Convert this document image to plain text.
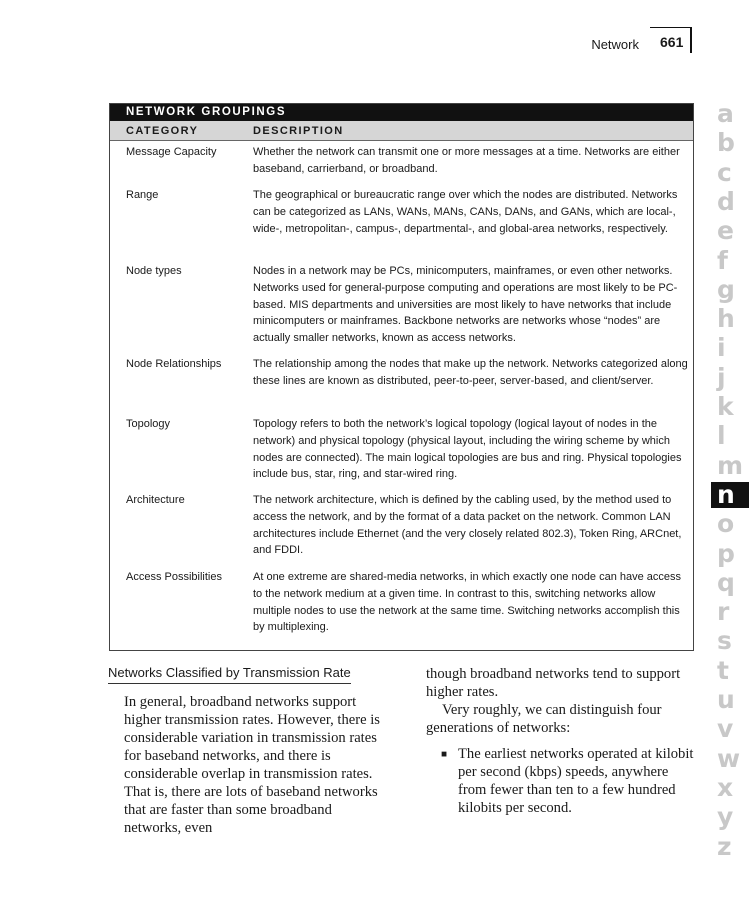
Network 661
NETWORK GROUPINGS
CATEGORY	DESCRIPTION
Message Capacity	Whether the network can transmit one or more messages at a time. Networks are either baseband, carrierband, or broadband.
Range	The geographical or bureaucratic range over which the nodes are distributed. Networks can be categorized as LANs, WANs, MANs, CANs, DANs, and GANs, which are local-, wide-, metropolitan-, campus-, departmental-, and global-area networks, respectively.
Node types	Nodes in a network may be PCs, minicomputers, mainframes, or even other networks. Networks used for general-purpose computing and operations are most likely to be PC-based. MIS departments and universities are most likely to have networks that include minicomputers or mainframes. Backbone networks are networks whose “nodes” are actually smaller networks, known as access networks.
Node Relationships	The relationship among the nodes that make up the network. Networks categorized along these lines are known as distributed, peer-to-peer, server-based, and client/server.
Topology	Topology refers to both the network’s logical topology (logical layout of nodes in the network) and physical topology (physical layout, including the wiring scheme by which nodes are connected). The main logical topologies are bus and ring. Physical topologies include bus, star, ring, and star-wired ring.
Architecture	The network architecture, which is defined by the cabling used, by the method used to access the network, and by the format of a data packet on the network. Common LAN architectures include Ethernet (and the very closely related 802.3), Token Ring, ARCnet, and FDDI.
Access Possibilities	At one extreme are shared-media networks, in which exactly one node can have access to the network medium at a given time. In contrast to this, switching networks allow multiple nodes to use the network at the same time. Switching networks accomplish this by multiplexing.
Networks Classified by Transmission Rate
In general, broadband networks support higher transmission rates. However, there is considerable variation in transmission rates for baseband networks, and there is considerable overlap in transmission rates. That is, there are lots of baseband networks that are faster than some broadband networks, even
though broadband networks tend to support higher rates.
Very roughly, we can distinguish four generations of networks:
■ The earliest networks operated at kilobit per second (kbps) speeds, anywhere from fewer than ten to a few hundred kilobits per second.
a
b
c
d
e
f
g
h
i
j
k
l
m
n
o
p
q
r
s
t
u
v
w
x
y
z
